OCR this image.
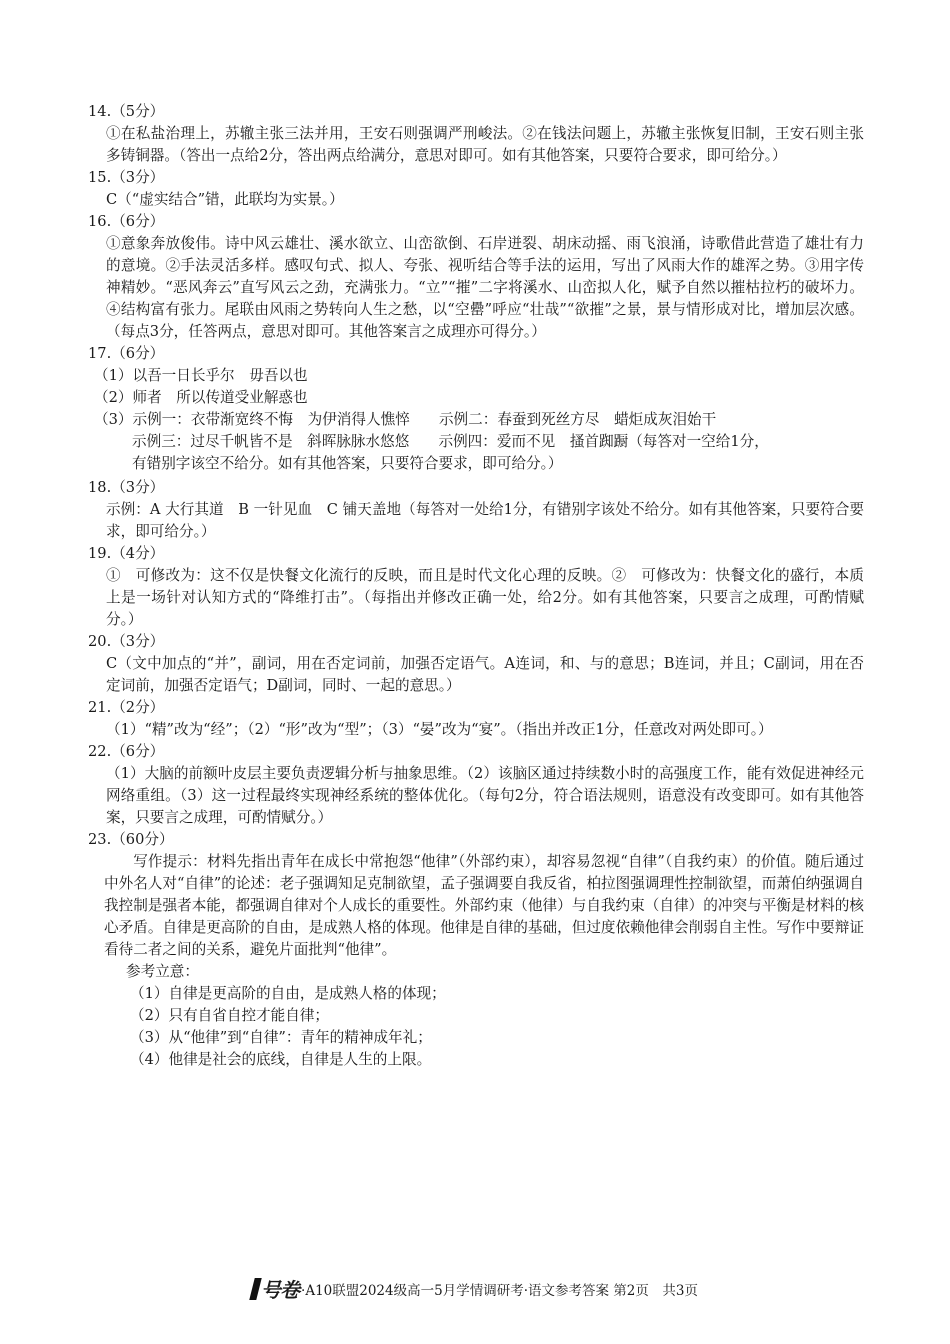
14.（5分）

①在私盐治理上，苏辙主张三法并用，王安石则强调严刑峻法。②在钱法问题上，苏辙主张恢复旧制，王安石则主张多铸铜器。（答出一点给2分，答出两点给满分，意思对即可。如有其他答案，只要符合要求，即可给分。）

15.（3分）

C（“虚实结合”错，此联均为实景。）

16.（6分）

①意象奔放俊伟。诗中风云雄壮、溪水欲立、山峦欲倒、石岸迸裂、胡床动摇、雨飞浪涌，诗歌借此营造了雄壮有力的意境。②手法灵活多样。感叹句式、拟人、夸张、视听结合等手法的运用，写出了风雨大作的雄浑之势。③用字传神精妙。“恶风奔云”直写风云之劲，充满张力。“立”“摧”二字将溪水、山峦拟人化，赋予自然以摧枯拉朽的破坏力。④结构富有张力。尾联由风雨之势转向人生之愁，以“空罍”呼应“壮哉”“欲摧”之景，景与情形成对比，增加层次感。（每点3分，任答两点，意思对即可。其他答案言之成理亦可得分。）

17.（6分）

（1）以吾一日长乎尔　毋吾以也

（2）师者　所以传道受业解惑也

（3）示例一：衣带渐宽终不悔　为伊消得人憔悴　　示例二：春蚕到死丝方尽　蜡炬成灰泪始干

示例三：过尽千帆皆不是　斜晖脉脉水悠悠　　示例四：爱而不见　搔首踟蹰（每答对一空给1分，

有错别字该空不给分。如有其他答案，只要符合要求，即可给分。）

18.（3分）

示例：A 大行其道　B 一针见血　C 铺天盖地（每答对一处给1分，有错别字该处不给分。如有其他答案，只要符合要求，即可给分。）

19.（4分）

①　可修改为：这不仅是快餐文化流行的反映，而且是时代文化心理的反映。②　可修改为：快餐文化的盛行，本质上是一场针对认知方式的“降维打击”。（每指出并修改正确一处，给2分。如有其他答案，只要言之成理，可酌情赋分。）

20.（3分）

C（文中加点的“并”，副词，用在否定词前，加强否定语气。A连词，和、与的意思；B连词，并且；C副词，用在否定词前，加强否定语气；D副词，同时、一起的意思。）

21.（2分）

（1）“精”改为“经”；（2）“形”改为“型”；（3）“晏”改为“宴”。（指出并改正1分，任意改对两处即可。）

22.（6分）

（1）大脑的前额叶皮层主要负责逻辑分析与抽象思维。（2）该脑区通过持续数小时的高强度工作，能有效促进神经元网络重组。（3）这一过程最终实现神经系统的整体优化。（每句2分，符合语法规则，语意没有改变即可。如有其他答案，只要言之成理，可酌情赋分。）

23.（60分）

写作提示：材料先指出青年在成长中常抱怨“他律”（外部约束），却容易忽视“自律”（自我约束）的价值。随后通过中外名人对“自律”的论述：老子强调知足克制欲望，孟子强调要自我反省，柏拉图强调理性控制欲望，而萧伯纳强调自我控制是强者本能，都强调自律对个人成长的重要性。外部约束（他律）与自我约束（自律）的冲突与平衡是材料的核心矛盾。自律是更高阶的自由，是成熟人格的体现。他律是自律的基础，但过度依赖他律会削弱自主性。写作中要辩证看待二者之间的关系，避免片面批判“他律”。

参考立意：

（1）自律是更高阶的自由，是成熟人格的体现；

（2）只有自省自控才能自律；

（3）从“他律”到“自律”：青年的精神成年礼；

（4）他律是社会的底线，自律是人生的上限。

号卷 ·A10联盟2024级高一5月学情调研考·语文参考答案 第2页　共3页
